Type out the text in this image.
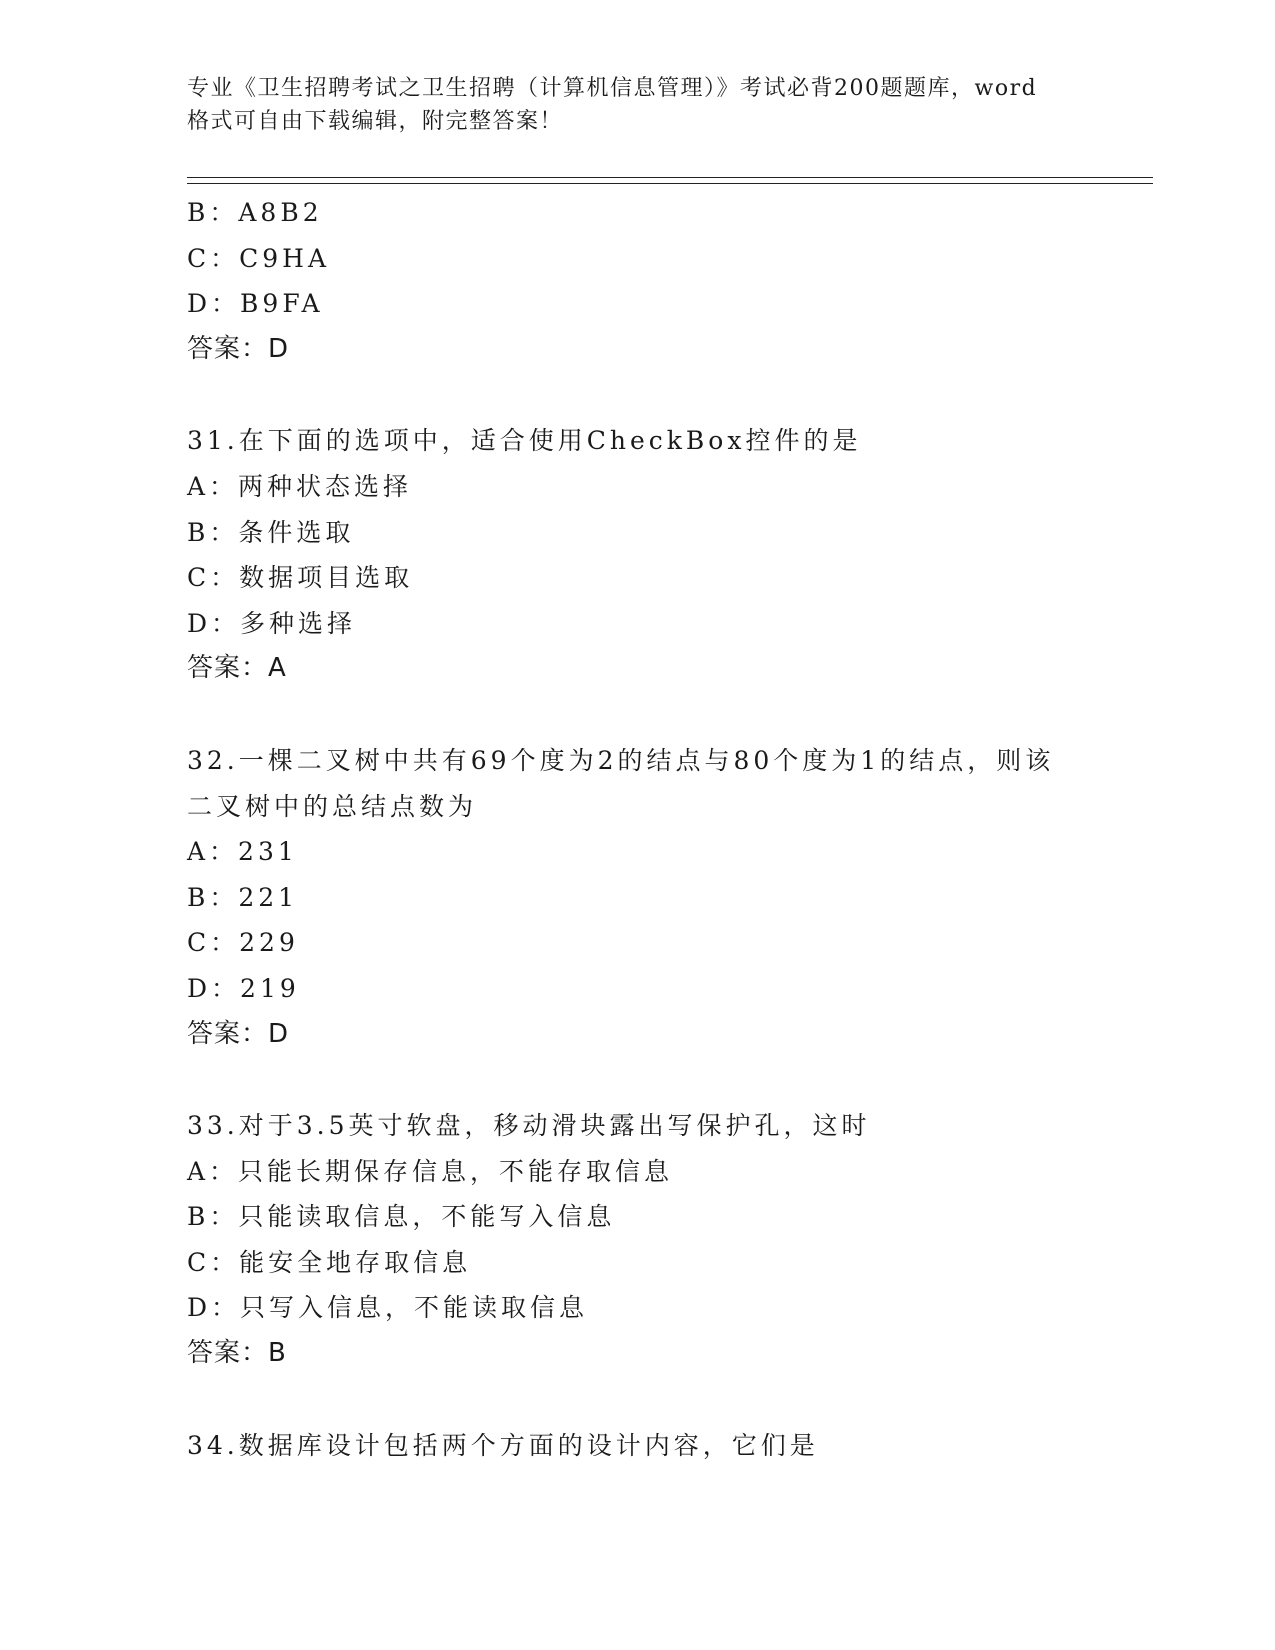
专业《卫生招聘考试之卫生招聘（计算机信息管理）》考试必背200题题库，word
格式可自由下载编辑，附完整答案！
B：A8B2
C：C9HA
D：B9FA
答案：D
31.在下面的选项中，适合使用CheckBox控件的是
A：两种状态选择
B：条件选取
C：数据项目选取
D：多种选择
答案：A
32.一棵二叉树中共有69个度为2的结点与80个度为1的结点，则该
二叉树中的总结点数为
A：231
B：221
C：229
D：219
答案：D
33.对于3.5英寸软盘，移动滑块露出写保护孔，这时
A：只能长期保存信息，不能存取信息
B：只能读取信息，不能写入信息
C：能安全地存取信息
D：只写入信息，不能读取信息
答案：B
34.数据库设计包括两个方面的设计内容，它们是
